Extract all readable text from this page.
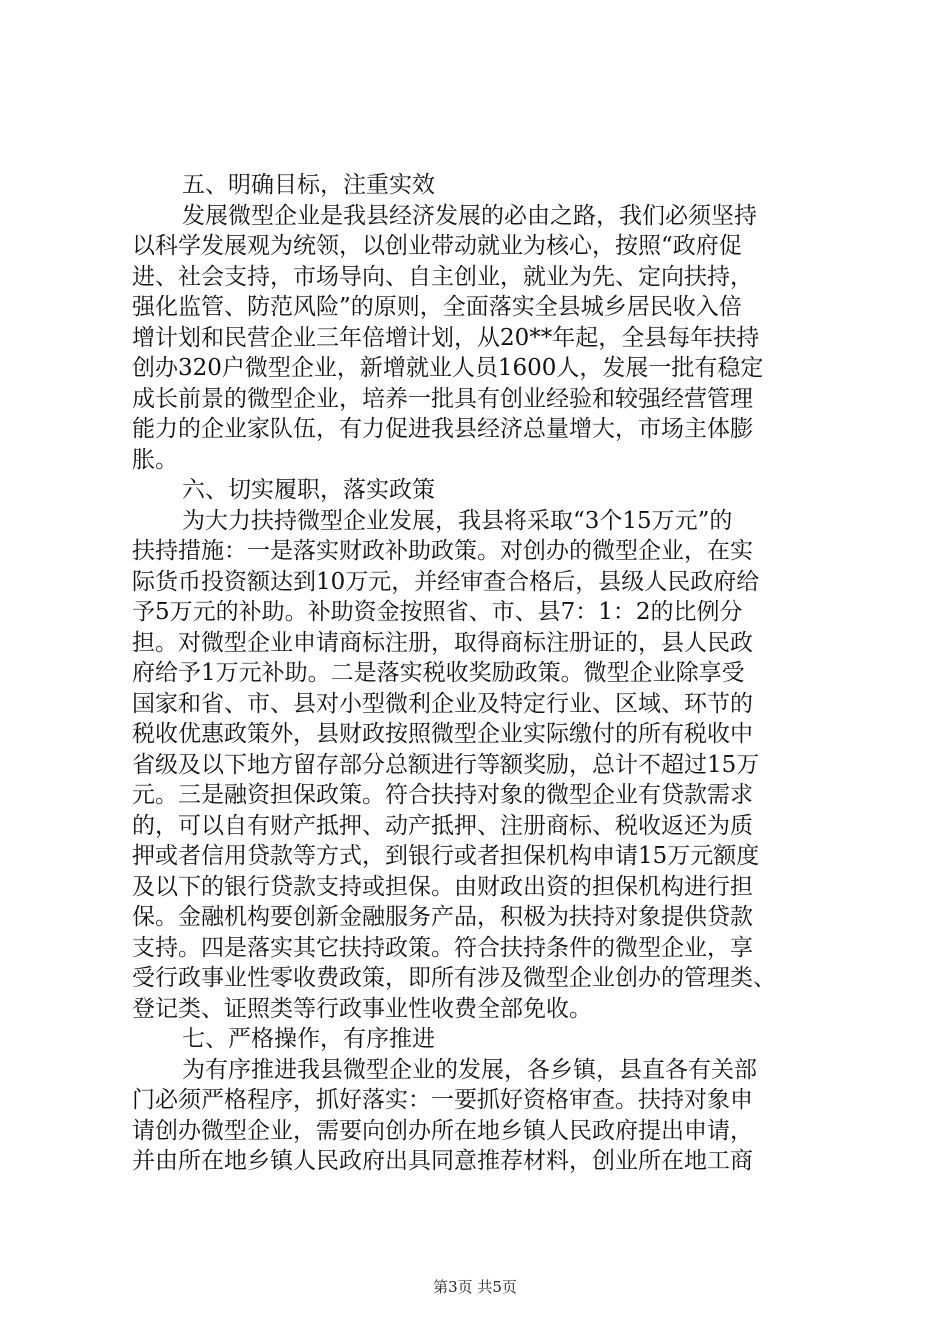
五、明确目标，注重实效
发展微型企业是我县经济发展的必由之路，我们必须坚持
以科学发展观为统领，以创业带动就业为核心，按照“政府促
进、社会支持，市场导向、自主创业，就业为先、定向扶持，
强化监管、防范风险”的原则，全面落实全县城乡居民收入倍
增计划和民营企业三年倍增计划，从20**年起，全县每年扶持
创办320户微型企业，新增就业人员1600人，发展一批有稳定
成长前景的微型企业，培养一批具有创业经验和较强经营管理
能力的企业家队伍，有力促进我县经济总量增大，市场主体膨
胀。
六、切实履职，落实政策
为大力扶持微型企业发展，我县将采取“3个15万元”的
扶持措施：一是落实财政补助政策。对创办的微型企业，在实
际货币投资额达到10万元，并经审查合格后，县级人民政府给
予5万元的补助。补助资金按照省、市、县7：1：2的比例分
担。对微型企业申请商标注册，取得商标注册证的，县人民政
府给予1万元补助。二是落实税收奖励政策。微型企业除享受
国家和省、市、县对小型微利企业及特定行业、区域、环节的
税收优惠政策外，县财政按照微型企业实际缴付的所有税收中
省级及以下地方留存部分总额进行等额奖励，总计不超过15万
元。三是融资担保政策。符合扶持对象的微型企业有贷款需求
的，可以自有财产抵押、动产抵押、注册商标、税收返还为质
押或者信用贷款等方式，到银行或者担保机构申请15万元额度
及以下的银行贷款支持或担保。由财政出资的担保机构进行担
保。金融机构要创新金融服务产品，积极为扶持对象提供贷款
支持。四是落实其它扶持政策。符合扶持条件的微型企业，享
受行政事业性零收费政策，即所有涉及微型企业创办的管理类、
登记类、证照类等行政事业性收费全部免收。
七、严格操作，有序推进
为有序推进我县微型企业的发展，各乡镇，县直各有关部
门必须严格程序，抓好落实：一要抓好资格审查。扶持对象申
请创办微型企业，需要向创办所在地乡镇人民政府提出申请，
并由所在地乡镇人民政府出具同意推荐材料，创业所在地工商
第3页 共5页
